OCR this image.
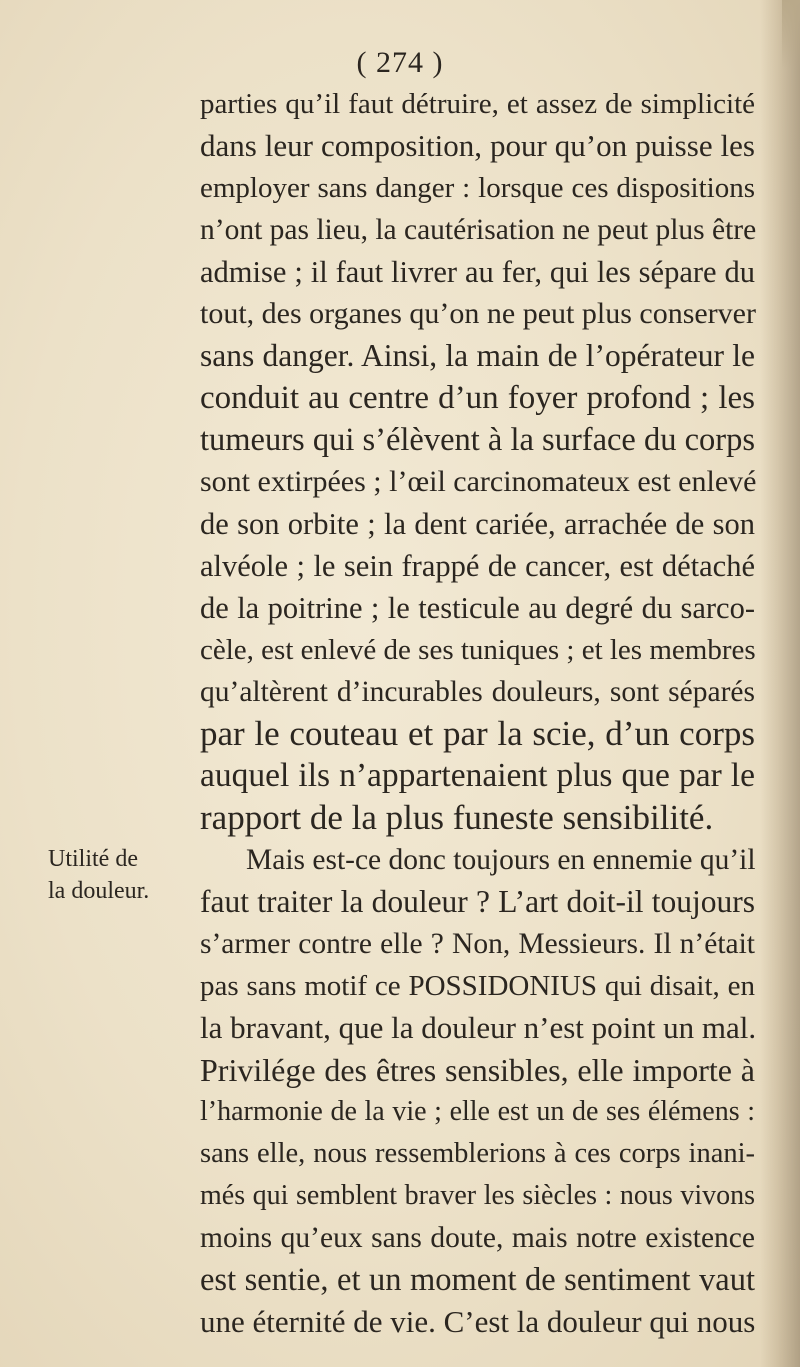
( 274 )
parties qu’il faut détruire, et assez de simplicité
dans leur composition, pour qu’on puisse les
employer sans danger : lorsque ces dispositions
n’ont pas lieu, la cautérisation ne peut plus être
admise ; il faut livrer au fer, qui les sépare du
tout, des organes qu’on ne peut plus conserver
sans danger. Ainsi, la main de l’opérateur le
conduit au centre d’un foyer profond ; les
tumeurs qui s’élèvent à la surface du corps
sont extirpées ; l’œil carcinomateux est enlevé
de son orbite ; la dent cariée, arrachée de son
alvéole ; le sein frappé de cancer, est détaché
de la poitrine ; le testicule au degré du sarco-
cèle, est enlevé de ses tuniques ; et les membres
qu’altèrent d’incurables douleurs, sont séparés
par le couteau et par la scie, d’un corps
auquel ils n’appartenaient plus que par le
rapport de la plus funeste sensibilité.
Utilité de
la douleur.
Mais est-ce donc toujours en ennemie qu’il
faut traiter la douleur ? L’art doit-il toujours
s’armer contre elle ? Non, Messieurs. Il n’était
pas sans motif ce POSSIDONIUS qui disait, en
la bravant, que la douleur n’est point un mal.
Privilége des êtres sensibles, elle importe à
l’harmonie de la vie ; elle est un de ses élémens :
sans elle, nous ressemblerions à ces corps inani-
més qui semblent braver les siècles : nous vivons
moins qu’eux sans doute, mais notre existence
est sentie, et un moment de sentiment vaut
une éternité de vie. C’est la douleur qui nous
